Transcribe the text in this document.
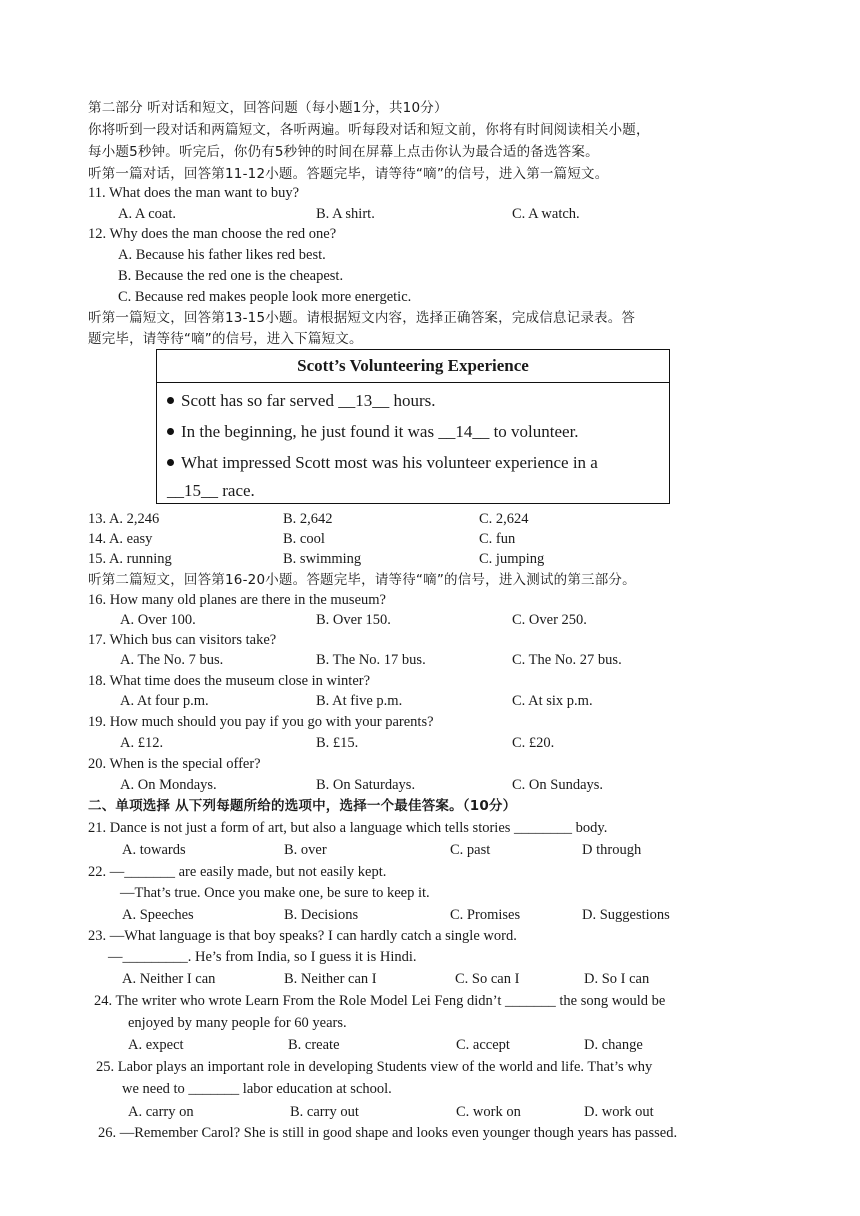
第二部分 听对话和短文，回答问题（每小题1分，共10分）
你将听到一段对话和两篇短文，各听两遍。听每段对话和短文前，你将有时间阅读相关小题，
每小题5秒钟。听完后，你仍有5秒钟的时间在屏幕上点击你认为最合适的备选答案。
听第一篇对话，回答第11-12小题。答题完毕，请等待“嘀”的信号，进入第一篇短文。
11. What does the man want to buy?
A. A coat.	B. A shirt.	C. A watch.
12. Why does the man choose the red one?
A. Because his father likes red best.
B. Because the red one is the cheapest.
C. Because red makes people look more energetic.
听第一篇短文，回答第13-15小题。请根据短文内容，选择正确答案，完成信息记录表。答
题完毕，请等待“嘀”的信号，进入下篇短文。
Scott’s Volunteering Experience
Scott has so far served __13__ hours.
In the beginning, he just found it was __14__ to volunteer.
What impressed Scott most was his volunteer experience in a
__15__ race.
13. A. 2,246	B. 2,642	C. 2,624
14. A. easy	B. cool	C. fun
15. A. running	B. swimming	C. jumping
听第二篇短文，回答第16-20小题。答题完毕，请等待“嘀”的信号，进入测试的第三部分。
16. How many old planes are there in the museum?
A. Over 100.	B. Over 150.	C. Over 250.
17. Which bus can visitors take?
A. The No. 7 bus.	B. The No. 17 bus.	C. The No. 27 bus.
18. What time does the museum close in winter?
A. At four p.m.	B. At five p.m.	C. At six p.m.
19. How much should you pay if you go with your parents?
A. £12.	B. £15.	C. £20.
20. When is the special offer?
A. On Mondays.	B. On Saturdays.	C. On Sundays.
二、单项选择 从下列每题所给的选项中，选择一个最佳答案。（10分）
21. Dance is not just a form of art, but also a language which tells stories ________ body.
A. towards	B. over	C. past	D through
22. —_______ are easily made, but not easily kept.
—That’s true. Once you make one, be sure to keep it.
A. Speeches	B. Decisions	C. Promises	D. Suggestions
23. —What language is that boy speaks? I can hardly catch a single word.
—_________. He’s from India, so I guess it is Hindi.
A. Neither I can	B. Neither can I	C. So can I	D. So I can
24. The writer who wrote Learn From the Role Model Lei Feng didn’t _______ the song would be
enjoyed by many people for 60 years.
A. expect	B. create	C. accept	D. change
25. Labor plays an important role in developing Students view of the world and life. That’s why
we need to _______ labor education at school.
A. carry on	B. carry out	C. work on	D. work out
26. —Remember Carol? She is still in good shape and looks even younger though years has passed.
